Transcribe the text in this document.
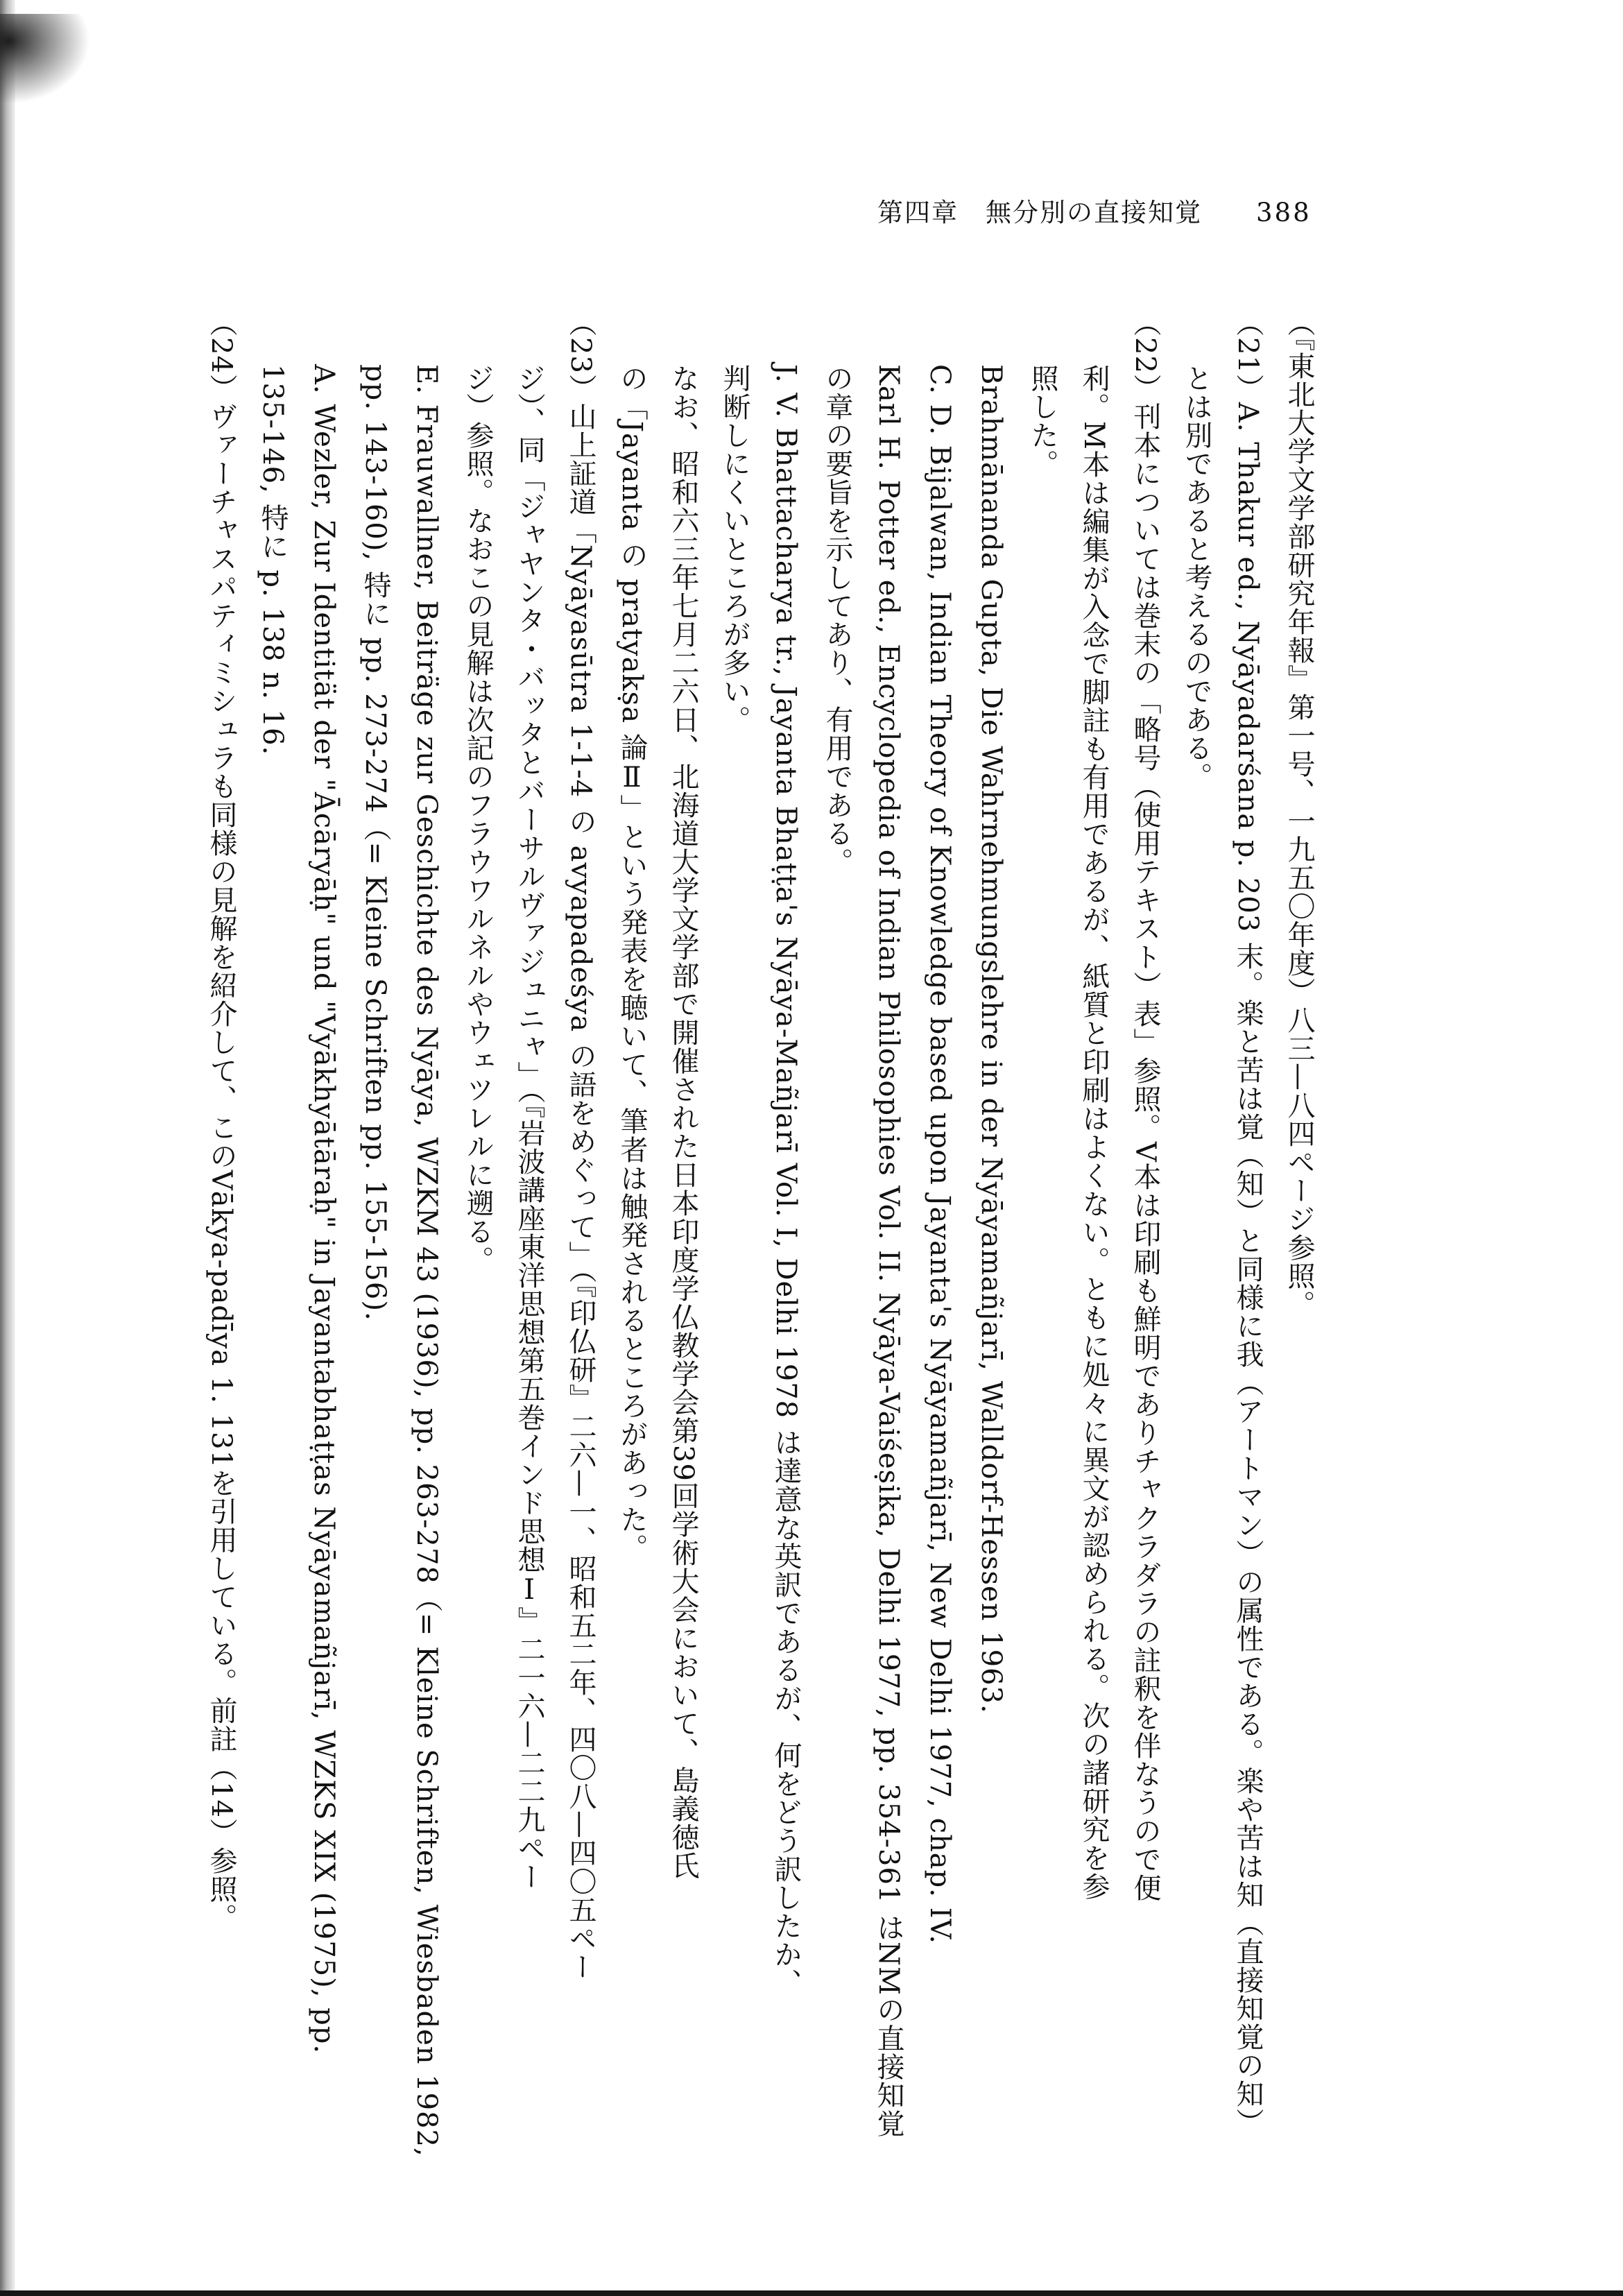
第四章　無分別の直接知覚 388
（『東北大学文学部研究年報』第一号、一九五〇年度）八三—八四ページ参照。
（21）A. Thakur ed., Nyāyadarśana p. 203 末。楽と苦は覚（知）と同様に我（アートマン）の属性である。楽や苦は知（直接知覚の知）
とは別であると考えるのである。
（22）刊本については巻末の「略号（使用テキスト）表」参照。V本は印刷も鮮明でありチャクラダラの註釈を伴なうので便
利。M本は編集が入念で脚註も有用であるが、紙質と印刷はよくない。ともに処々に異文が認められる。次の諸研究を参
照した。
Brahmānanda Gupta, Die Wahrnehmungslehre in der Nyāyamañjarī, Walldorf-Hessen 1963.
C. D. Bijalwan, Indian Theory of Knowledge based upon Jayanta's Nyāyamañjarī, New Delhi 1977, chap. IV.
Karl H. Potter ed., Encyclopedia of Indian Philosophies Vol. II. Nyāya-Vaiśeṣika, Delhi 1977, pp. 354-361 はNMの直接知覚
の章の要旨を示してあり、有用である。
J. V. Bhattacharya tr., Jayanta Bhaṭṭa's Nyāya-Mañjarī Vol. I, Delhi 1978 は達意な英訳であるが、何をどう訳したか、
判断しにくいところが多い。
なお、昭和六三年七月二六日、北海道大学文学部で開催された日本印度学仏教学会第39回学術大会において、島義徳氏
の「Jayanta の pratyakṣa 論Ⅱ」という発表を聴いて、筆者は触発されるところがあった。
（23）山上証道「Nyāyasūtra 1-1-4 の avyapadeśya の語をめぐって」（『印仏研』二六—一、昭和五二年、四〇八—四〇五ペー
ジ）、同「ジャヤンタ・バッタとバーサルヴァジュニャ」（『岩波講座東洋思想第五巻インド思想Ⅰ』二一六—二二九ペー
ジ）参照。なおこの見解は次記のフラウワルネルやウェツレルに遡る。
E. Frauwallner, Beiträge zur Geschichte des Nyāya, WZKM 43 (1936), pp. 263-278（= Kleine Schriften, Wiesbaden 1982,
pp. 143-160), 特に pp. 273-274（= Kleine Schriften pp. 155-156).
A. Wezler, Zur Identität der "Ācāryāḥ" und "Vyākhyātāraḥ" in Jayantabhaṭṭas Nyāyamañjarī, WZKS XIX (1975), pp.
135-146, 特に p. 138 n. 16.
（24）ヴァーチャスパティミシュラも同様の見解を紹介して、このVākya-padīya 1. 131を引用している。前註（14）参照。
